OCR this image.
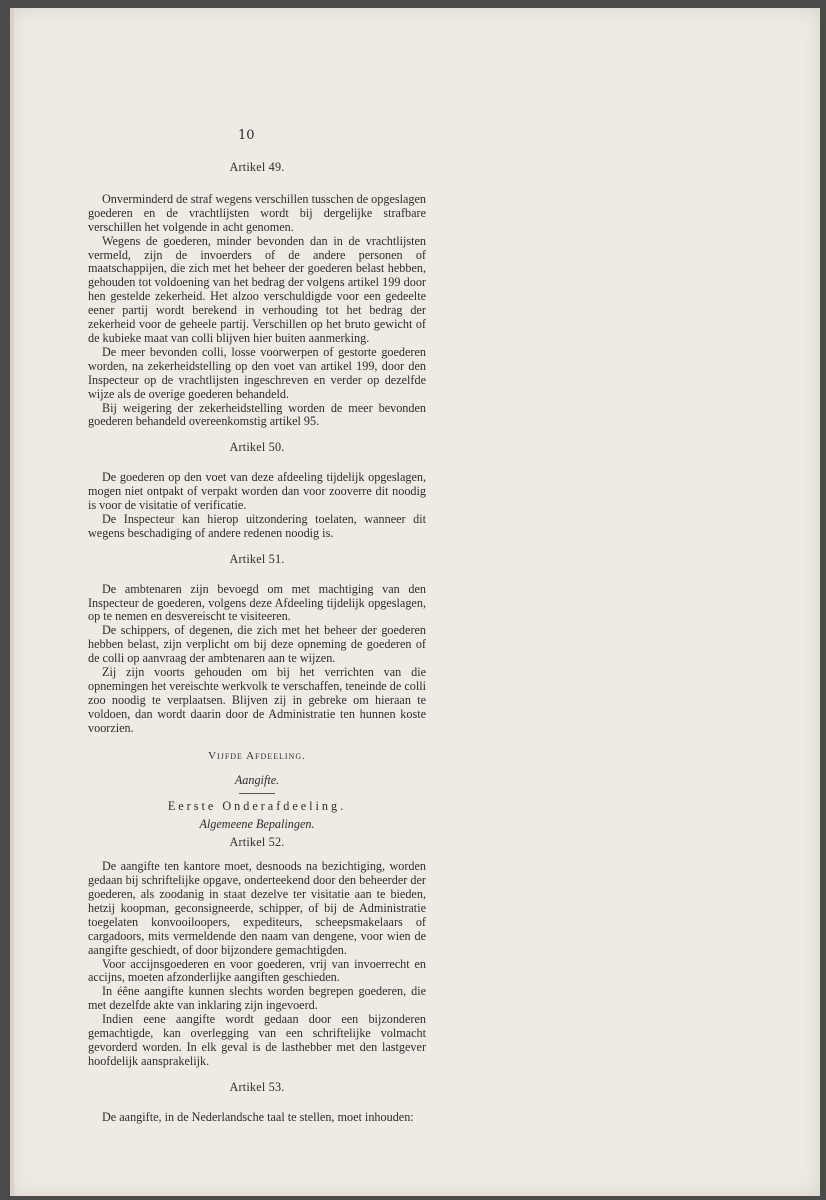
10
Artikel 49.

Onverminderd de straf wegens verschillen tusschen de opgeslagen goederen en de vrachtlijsten wordt bij dergelijke strafbare verschillen het volgende in acht genomen.

Wegens de goederen, minder bevonden dan in de vrachtlijsten vermeld, zijn de invoerders of de andere personen of maatschappijen, die zich met het beheer der goederen belast hebben, gehouden tot voldoening van het bedrag der volgens artikel 199 door hen gestelde zekerheid. Het alzoo verschuldigde voor een gedeelte eener partij wordt berekend in verhouding tot het bedrag der zekerheid voor de geheele partij. Verschillen op het bruto gewicht of de kubieke maat van colli blijven hier buiten aanmerking.

De meer bevonden colli, losse voorwerpen of gestorte goederen worden, na zekerheidstelling op den voet van artikel 199, door den Inspecteur op de vrachtlijsten ingeschreven en verder op dezelfde wijze als de overige goederen behandeld.

Bij weigering der zekerheidstelling worden de meer bevonden goederen behandeld overeenkomstig artikel 95.

Artikel 50.

De goederen op den voet van deze afdeeling tijdelijk opgeslagen, mogen niet ontpakt of verpakt worden dan voor zooverre dit noodig is voor de visitatie of verificatie.

De Inspecteur kan hierop uitzondering toelaten, wanneer dit wegens beschadiging of andere redenen noodig is.

Artikel 51.

De ambtenaren zijn bevoegd om met machtiging van den Inspecteur de goederen, volgens deze Afdeeling tijdelijk opgeslagen, op te nemen en desvereischt te visiteeren.

De schippers, of degenen, die zich met het beheer der goederen hebben belast, zijn verplicht om bij deze opneming de goederen of de colli op aanvraag der ambtenaren aan te wijzen.

Zij zijn voorts gehouden om bij het verrichten van die opnemingen het vereischte werkvolk te verschaffen, teneinde de colli zoo noodig te verplaatsen. Blijven zij in gebreke om hieraan te voldoen, dan wordt daarin door de Administratie ten hunnen koste voorzien.

Vijfde Afdeeling.
Aangifte.
Eerste Onderafdeeling.
Algemeene Bepalingen.
Artikel 52.

De aangifte ten kantore moet, desnoods na bezichtiging, worden gedaan bij schriftelijke opgave, onderteekend door den beheerder der goederen, als zoodanig in staat dezelve ter visitatie aan te bieden, hetzij koopman, geconsigneerde, schipper, of bij de Administratie toegelaten konvooiloopers, expediteurs, scheepsmakelaars of cargadoors, mits vermeldende den naam van dengene, voor wien de aangifte geschiedt, of door bijzondere gemachtigden.

Voor accijnsgoederen en voor goederen, vrij van invoerrecht en accijns, moeten afzonderlijke aangiften geschieden.

In éêne aangifte kunnen slechts worden begrepen goederen, die met dezelfde akte van inklaring zijn ingevoerd.

Indien eene aangifte wordt gedaan door een bijzonderen gemachtigde, kan overlegging van een schriftelijke volmacht gevorderd worden. In elk geval is de lasthebber met den lastgever hoofdelijk aansprakelijk.

Artikel 53.

De aangifte, in de Nederlandsche taal te stellen, moet inhouden:
